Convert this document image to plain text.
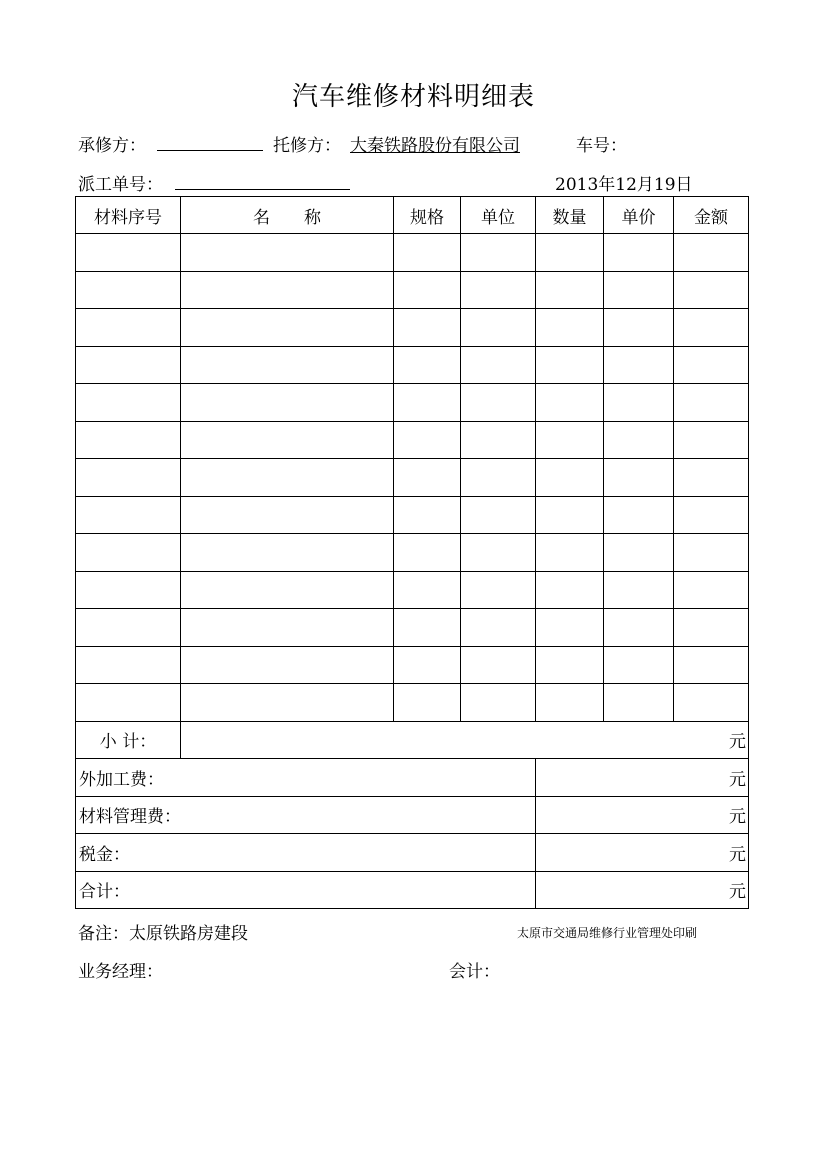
汽车维修材料明细表
承修方：	托修方： 大秦铁路股份有限公司	车号：
派工单号：	2013年12月19日
材料序号	名　　称	规格	单位	数量	单价	金额

小 计：	元					
外加工费：				元		
材料管理费：				元		
税金：				元		
合计：				元		
备注：太原铁路房建段	太原市交通局维修行业管理处印刷
业务经理：	会计：
